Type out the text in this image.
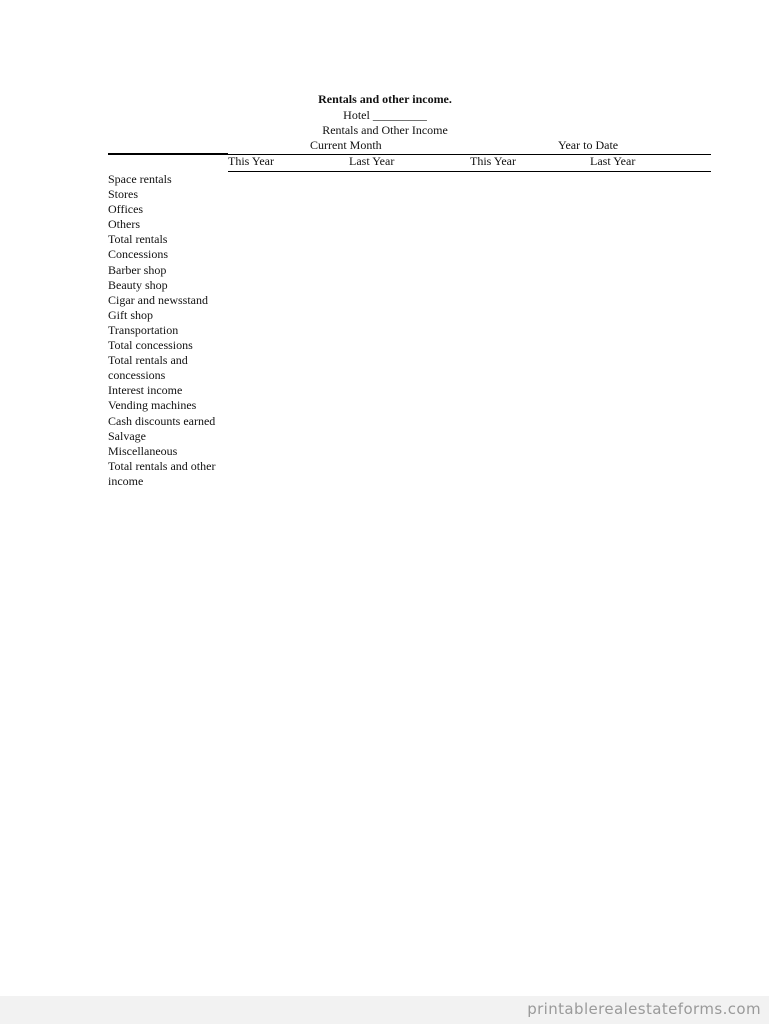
Rentals and other income.
Hotel _________
Rentals and Other Income
Current Month	Year to Date
This Year	Last Year	This Year	Last Year
Space rentals
Stores
Offices
Others
Total rentals
Concessions
Barber shop
Beauty shop
Cigar and newsstand
Gift shop
Transportation
Total concessions
Total rentals and
concessions
Interest income
Vending machines
Cash discounts earned
Salvage
Miscellaneous
Total rentals and other
income
printablerealestateforms.com
